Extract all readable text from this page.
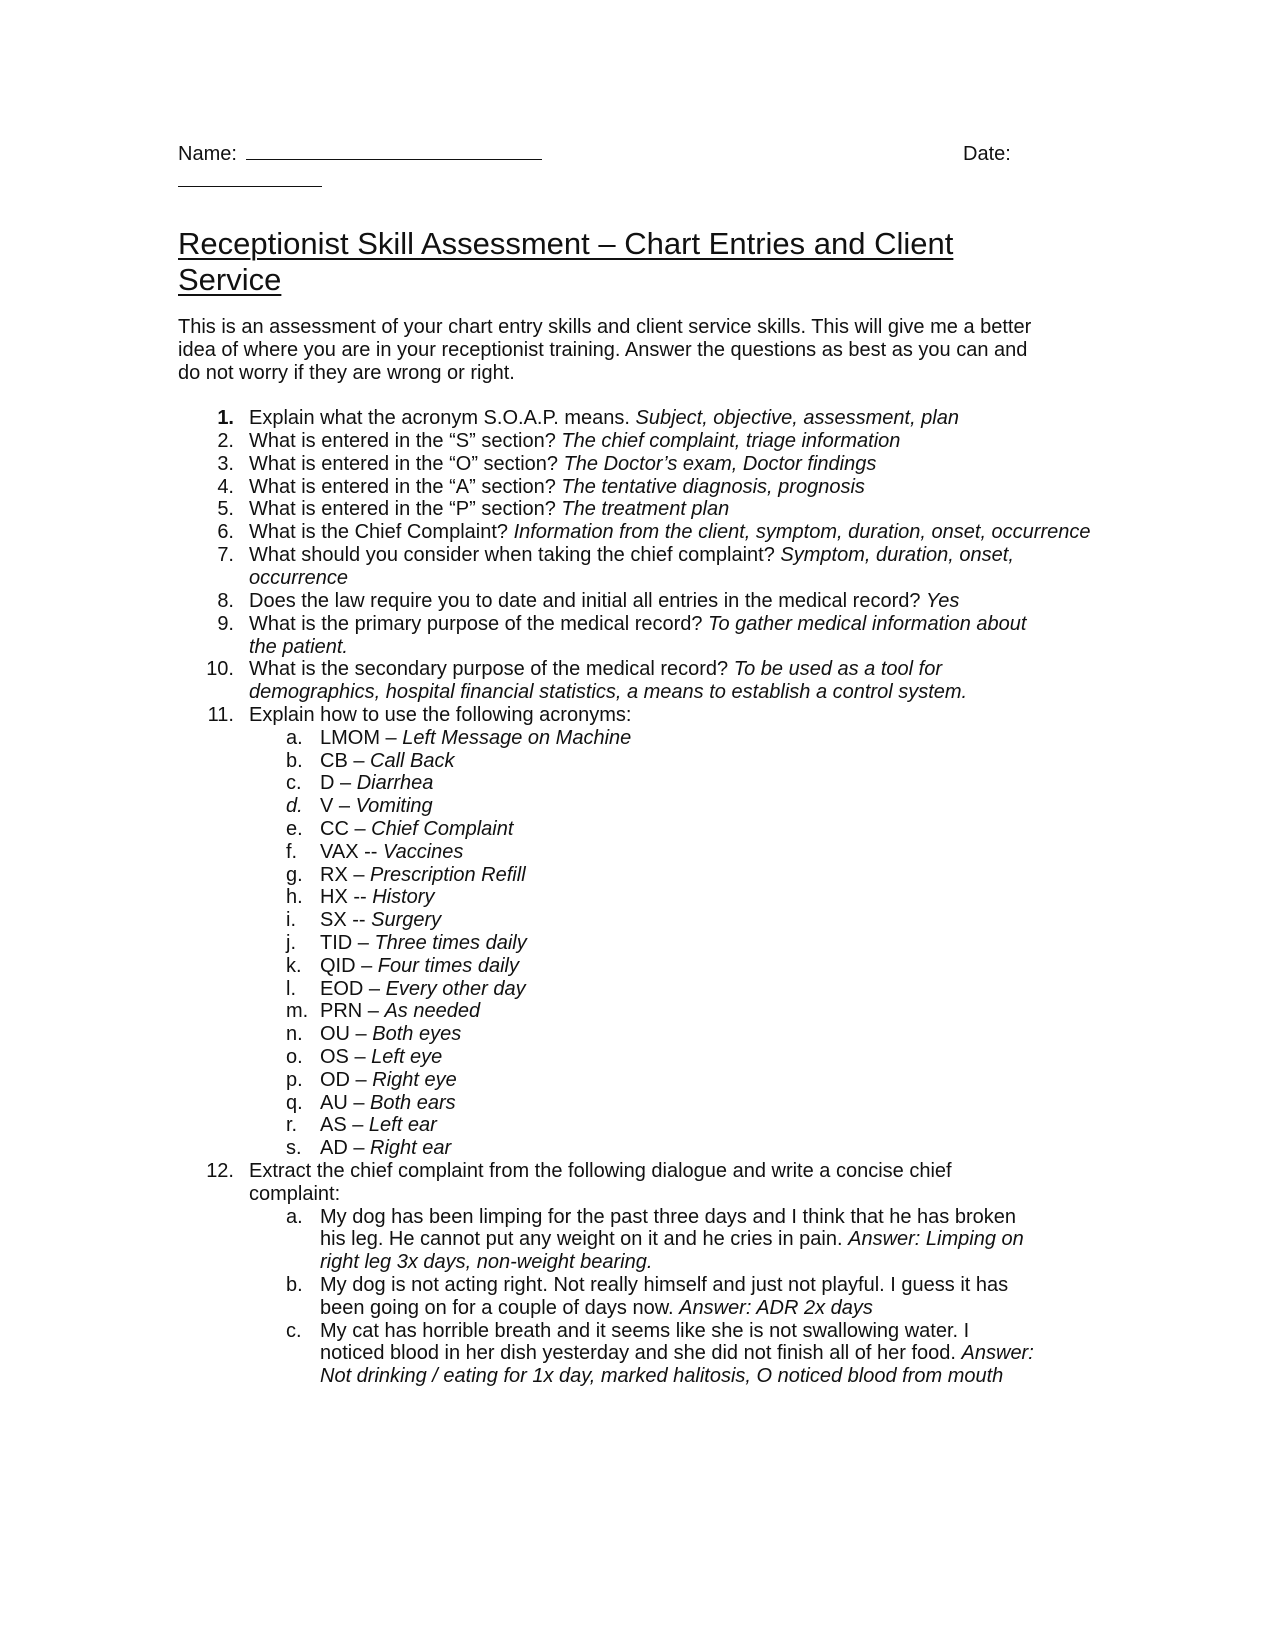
Name:	Date:
Receptionist Skill Assessment – Chart Entries and Client
Service
This is an assessment of your chart entry skills and client service skills. This will give me a better
idea of where you are in your receptionist training. Answer the questions as best as you can and
do not worry if they are wrong or right.
1. Explain what the acronym S.O.A.P. means. Subject, objective, assessment, plan
2. What is entered in the “S” section? The chief complaint, triage information
3. What is entered in the “O” section? The Doctor’s exam, Doctor findings
4. What is entered in the “A” section? The tentative diagnosis, prognosis
5. What is entered in the “P” section? The treatment plan
6. What is the Chief Complaint? Information from the client, symptom, duration, onset, occurrence
7. What should you consider when taking the chief complaint? Symptom, duration, onset,
occurrence
8. Does the law require you to date and initial all entries in the medical record? Yes
9. What is the primary purpose of the medical record? To gather medical information about
the patient.
10. What is the secondary purpose of the medical record? To be used as a tool for
demographics, hospital financial statistics, a means to establish a control system.
11. Explain how to use the following acronyms:
a. LMOM – Left Message on Machine
b. CB – Call Back
c. D – Diarrhea
d. V – Vomiting
e. CC – Chief Complaint
f. VAX -- Vaccines
g. RX – Prescription Refill
h. HX -- History
i. SX -- Surgery
j. TID – Three times daily
k. QID – Four times daily
l. EOD – Every other day
m. PRN – As needed
n. OU – Both eyes
o. OS – Left eye
p. OD – Right eye
q. AU – Both ears
r. AS – Left ear
s. AD – Right ear
12. Extract the chief complaint from the following dialogue and write a concise chief
complaint:
a. My dog has been limping for the past three days and I think that he has broken
his leg. He cannot put any weight on it and he cries in pain. Answer: Limping on
right leg 3x days, non-weight bearing.
b. My dog is not acting right. Not really himself and just not playful. I guess it has
been going on for a couple of days now. Answer: ADR 2x days
c. My cat has horrible breath and it seems like she is not swallowing water. I
noticed blood in her dish yesterday and she did not finish all of her food. Answer:
Not drinking / eating for 1x day, marked halitosis, O noticed blood from mouth
